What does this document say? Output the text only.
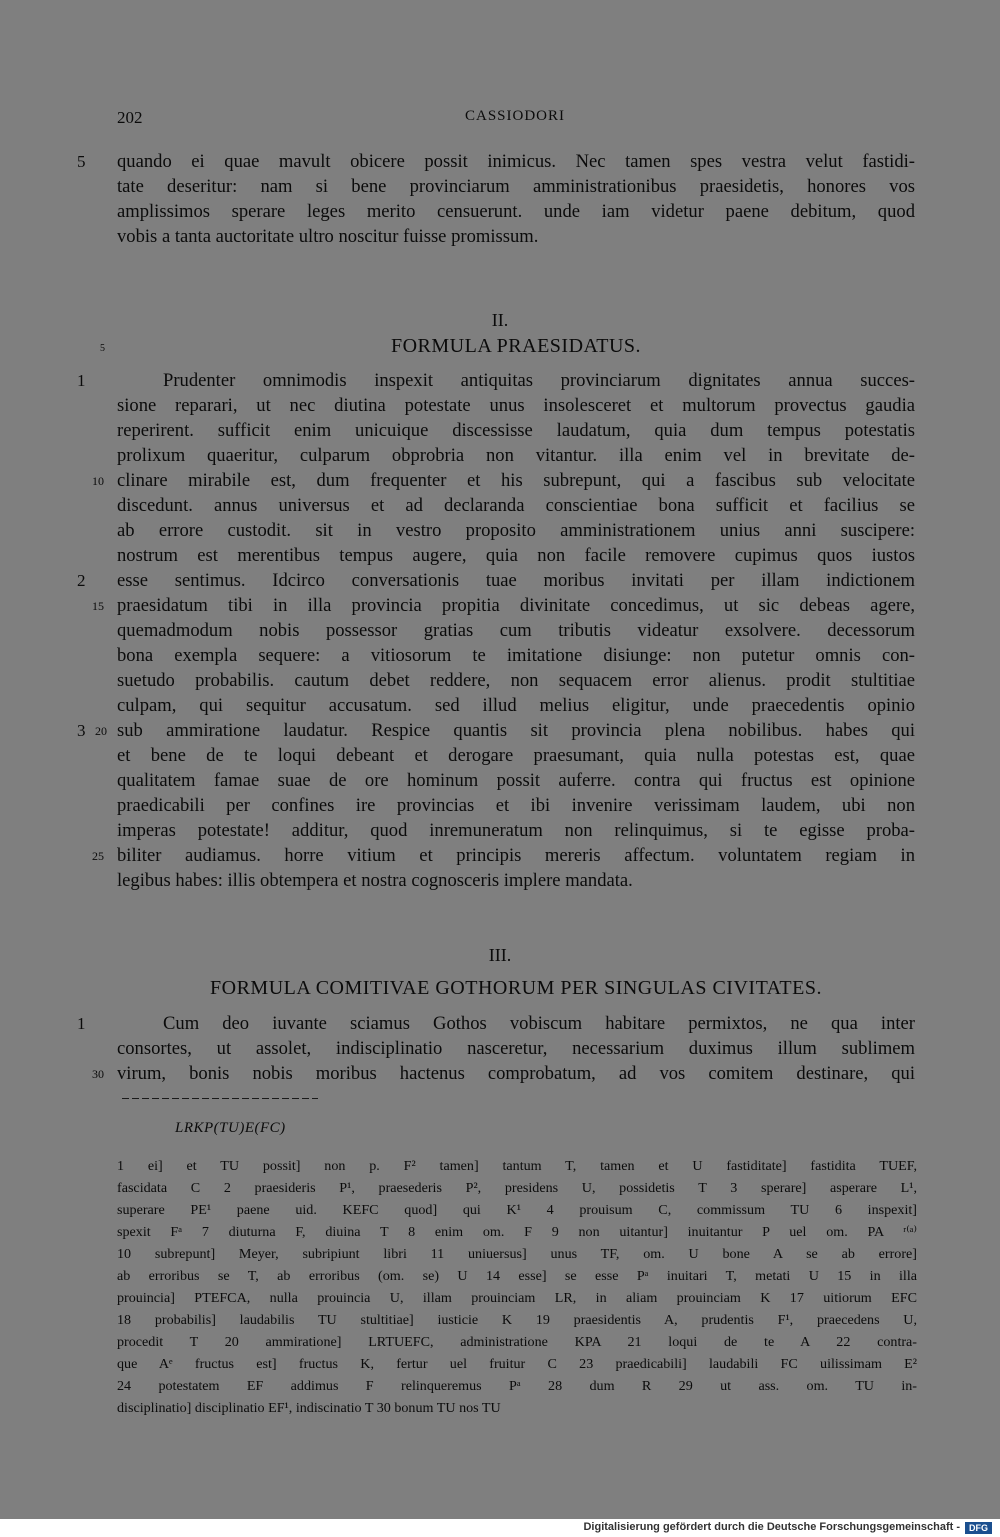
202	CASSIODORI
5 quando ei quae mavult obicere possit inimicus. Nec tamen spes vestra velut fastidi-
tate deseritur: nam si bene provinciarum amministrationibus praesidetis, honores vos
amplissimos sperare leges merito censuerunt. unde iam videtur paene debitum, quod
vobis a tanta auctoritate ultro noscitur fuisse promissum.
II.
5	FORMULA PRAESIDATUS.
1	Prudenter omnimodis inspexit antiquitas provinciarum dignitates annua succes-
sione reparari, ut nec diutina potestate unus insolesceret et multorum provectus gaudia
reperirent. sufficit enim unicuique discessisse laudatum, quia dum tempus potestatis
prolixum quaeritur, culparum obprobria non vitantur. illa enim vel in brevitate de-
10 clinare mirabile est, dum frequenter et his subrepunt, qui a fascibus sub velocitate
discedunt. annus universus et ad declaranda conscientiae bona sufficit et facilius se
ab errore custodit. sit in vestro proposito amministrationem unius anni suscipere:
nostrum est merentibus tempus augere, quia non facile removere cupimus quos iustos
2 esse sentimus. Idcirco conversationis tuae moribus invitati per illam indictionem
15 praesidatum tibi in illa provincia propitia divinitate concedimus, ut sic debeas agere,
quemadmodum nobis possessor gratias cum tributis videatur exsolvere. decessorum
bona exempla sequere: a vitiosorum te imitatione disiunge: non putetur omnis con-
suetudo probabilis. cautum debet reddere, non sequacem error alienus. prodit stultitiae
culpam, qui sequitur accusatum. sed illud melius eligitur, unde praecedentis opinio
3 20 sub ammiratione laudatur. Respice quantis sit provincia plena nobilibus. habes qui
et bene de te loqui debeant et derogare praesumant, quia nulla potestas est, quae
qualitatem famae suae de ore hominum possit auferre. contra qui fructus est opinione
praedicabili per confines ire provincias et ibi invenire verissimam laudem, ubi non
imperas potestate! additur, quod inremuneratum non relinquimus, si te egisse proba-
25 biliter audiamus. horre vitium et principis mereris affectum. voluntatem regiam in
legibus habes: illis obtempera et nostra cognosceris implere mandata.
III.
FORMULA COMITIVAE GOTHORUM PER SINGULAS CIVITATES.
1	Cum deo iuvante sciamus Gothos vobiscum habitare permixtos, ne qua inter
consortes, ut assolet, indisciplinatio nasceretur, necessarium duximus illum sublimem
30 virum, bonis nobis moribus hactenus comprobatum, ad vos comitem destinare, qui
LRKP(TU)E(FC)
1 ei] et TU possit] non p. F² tamen] tantum T, tamen et U fastiditate] fastidita TUEF,
fascidata C 2 praesideris P¹, praesederis P², presidens U, possidetis T 3 sperare] asperare L¹,
superare PE¹ paene uid. KEFC quod] qui K¹ 4 prouisum C, commissum TU 6 inspexit]
spexit Fᵃ 7 diuturna F, diuina T 8 enim om. F 9 non uitantur] inuitantur P uel om. PA ʳ⁽ᵃ⁾
10 subrepunt] Meyer, subripiunt libri 11 uniuersus] unus TF, om. U bone A se ab errore]
ab erroribus se T, ab erroribus (om. se) U 14 esse] se esse Pᵃ inuitari T, metati U 15 in illa
prouincia] PTEFCA, nulla prouincia U, illam prouinciam LR, in aliam prouinciam K 17 uitiorum EFC
18 probabilis] laudabilis TU stultitiae] iusticie K 19 praesidentis A, prudentis F¹, praecedens U,
procedit T 20 ammiratione] LRTUEFC, administratione KPA 21 loqui de te A 22 contra-
que Aᵉ fructus est] fructus K, fertur uel fruitur C 23 praedicabili] laudabili FC uilissimam E²
24 potestatem EF addimus F relinqueremus Pᵃ 28 dum R 29 ut ass. om. TU in-
disciplinatio] disciplinatio EF¹, indiscinatio T 30 bonum TU nos TU
Digitalisierung gefördert durch die Deutsche Forschungsgemeinschaft -	DFG
